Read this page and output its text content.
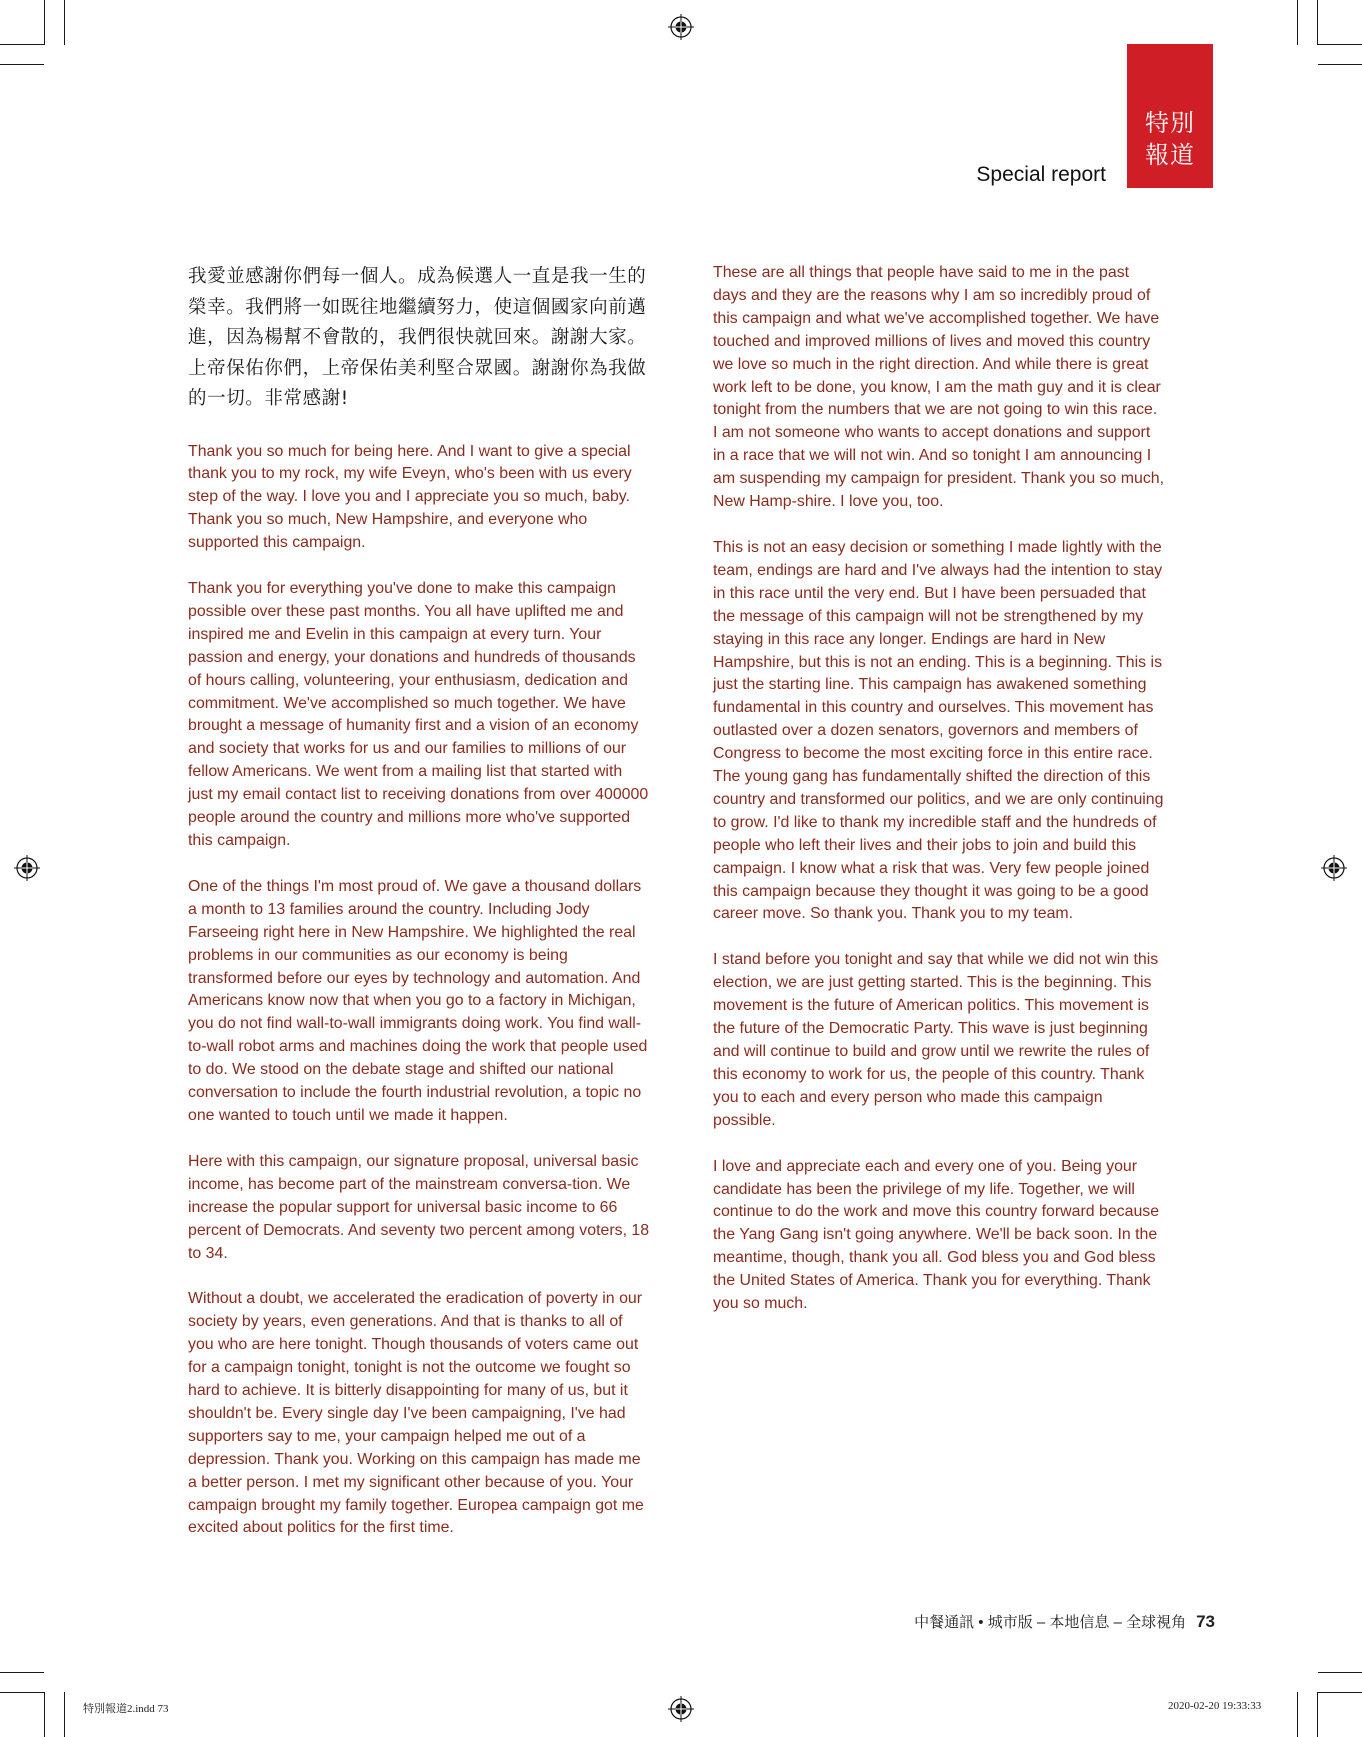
特別
報道
Special report

我愛並感謝你們每一個人。成為候選人一直是我一生的榮幸。我們將一如既往地繼續努力，使這個國家向前邁進，因為楊幫不會散的，我們很快就回來。謝謝大家。上帝保佑你們，上帝保佑美利堅合眾國。謝謝你為我做的一切。非常感謝!

Thank you so much for being here. And I want to give a special thank you to my rock, my wife Eveyn, who's been with us every step of the way. I love you and I appreciate you so much, baby. Thank you so much, New Hampshire, and everyone who supported this campaign.

Thank you for everything you've done to make this campaign possible over these past months. You all have uplifted me and inspired me and Evelin in this campaign at every turn. Your passion and energy, your donations and hundreds of thousands of hours calling, volunteering, your enthusiasm, dedication and commitment. We've accomplished so much together. We have brought a message of humanity first and a vision of an economy and society that works for us and our families to millions of our fellow Americans. We went from a mailing list that started with just my email contact list to receiving donations from over 400000 people around the country and millions more who've supported this campaign.

One of the things I'm most proud of. We gave a thousand dollars a month to 13 families around the country. Including Jody Farseeing right here in New Hampshire. We highlighted the real problems in our communities as our economy is being transformed before our eyes by technology and automation. And Americans know now that when you go to a factory in Michigan, you do not find wall-to-wall immigrants doing work. You find wall-to-wall robot arms and machines doing the work that people used to do. We stood on the debate stage and shifted our national conversation to include the fourth industrial revolution, a topic no one wanted to touch until we made it happen.

Here with this campaign, our signature proposal, universal basic income, has become part of the mainstream conversa-tion. We increase the popular support for universal basic income to 66 percent of Democrats. And seventy two percent among voters, 18 to 34.

Without a doubt, we accelerated the eradication of poverty in our society by years, even generations. And that is thanks to all of you who are here tonight. Though thousands of voters came out for a campaign tonight, tonight is not the outcome we fought so hard to achieve. It is bitterly disappointing for many of us, but it shouldn't be. Every single day I've been campaigning, I've had supporters say to me, your campaign helped me out of a depression. Thank you. Working on this campaign has made me a better person. I met my significant other because of you. Your campaign brought my family together. Europea campaign got me excited about politics for the first time.

These are all things that people have said to me in the past days and they are the reasons why I am so incredibly proud of this campaign and what we've accomplished together. We have touched and improved millions of lives and moved this country we love so much in the right direction. And while there is great work left to be done, you know, I am the math guy and it is clear tonight from the numbers that we are not going to win this race. I am not someone who wants to accept donations and support in a race that we will not win. And so tonight I am announcing I am suspending my campaign for president. Thank you so much, New Hamp-shire. I love you, too.

This is not an easy decision or something I made lightly with the team, endings are hard and I've always had the intention to stay in this race until the very end. But I have been persuaded that the message of this campaign will not be strengthened by my staying in this race any longer. Endings are hard in New Hampshire, but this is not an ending. This is a beginning. This is just the starting line. This campaign has awakened something fundamental in this country and ourselves. This movement has outlasted over a dozen senators, governors and members of Congress to become the most exciting force in this entire race. The young gang has fundamentally shifted the direction of this country and transformed our politics, and we are only continuing to grow. I'd like to thank my incredible staff and the hundreds of people who left their lives and their jobs to join and build this campaign. I know what a risk that was. Very few people joined this campaign because they thought it was going to be a good career move. So thank you. Thank you to my team.

I stand before you tonight and say that while we did not win this election, we are just getting started. This is the beginning. This movement is the future of American politics. This movement is the future of the Democratic Party. This wave is just beginning and will continue to build and grow until we rewrite the rules of this economy to work for us, the people of this country. Thank you to each and every person who made this campaign possible.

I love and appreciate each and every one of you. Being your candidate has been the privilege of my life. Together, we will continue to do the work and move this country forward because the Yang Gang isn't going anywhere. We'll be back soon. In the meantime, though, thank you all. God bless you and God bless the United States of America. Thank you for everything. Thank you so much.

中餐通訊 • 城市版 – 本地信息 – 全球視角 73
特別報道2.indd 73	2020-02-20 19:33:33
